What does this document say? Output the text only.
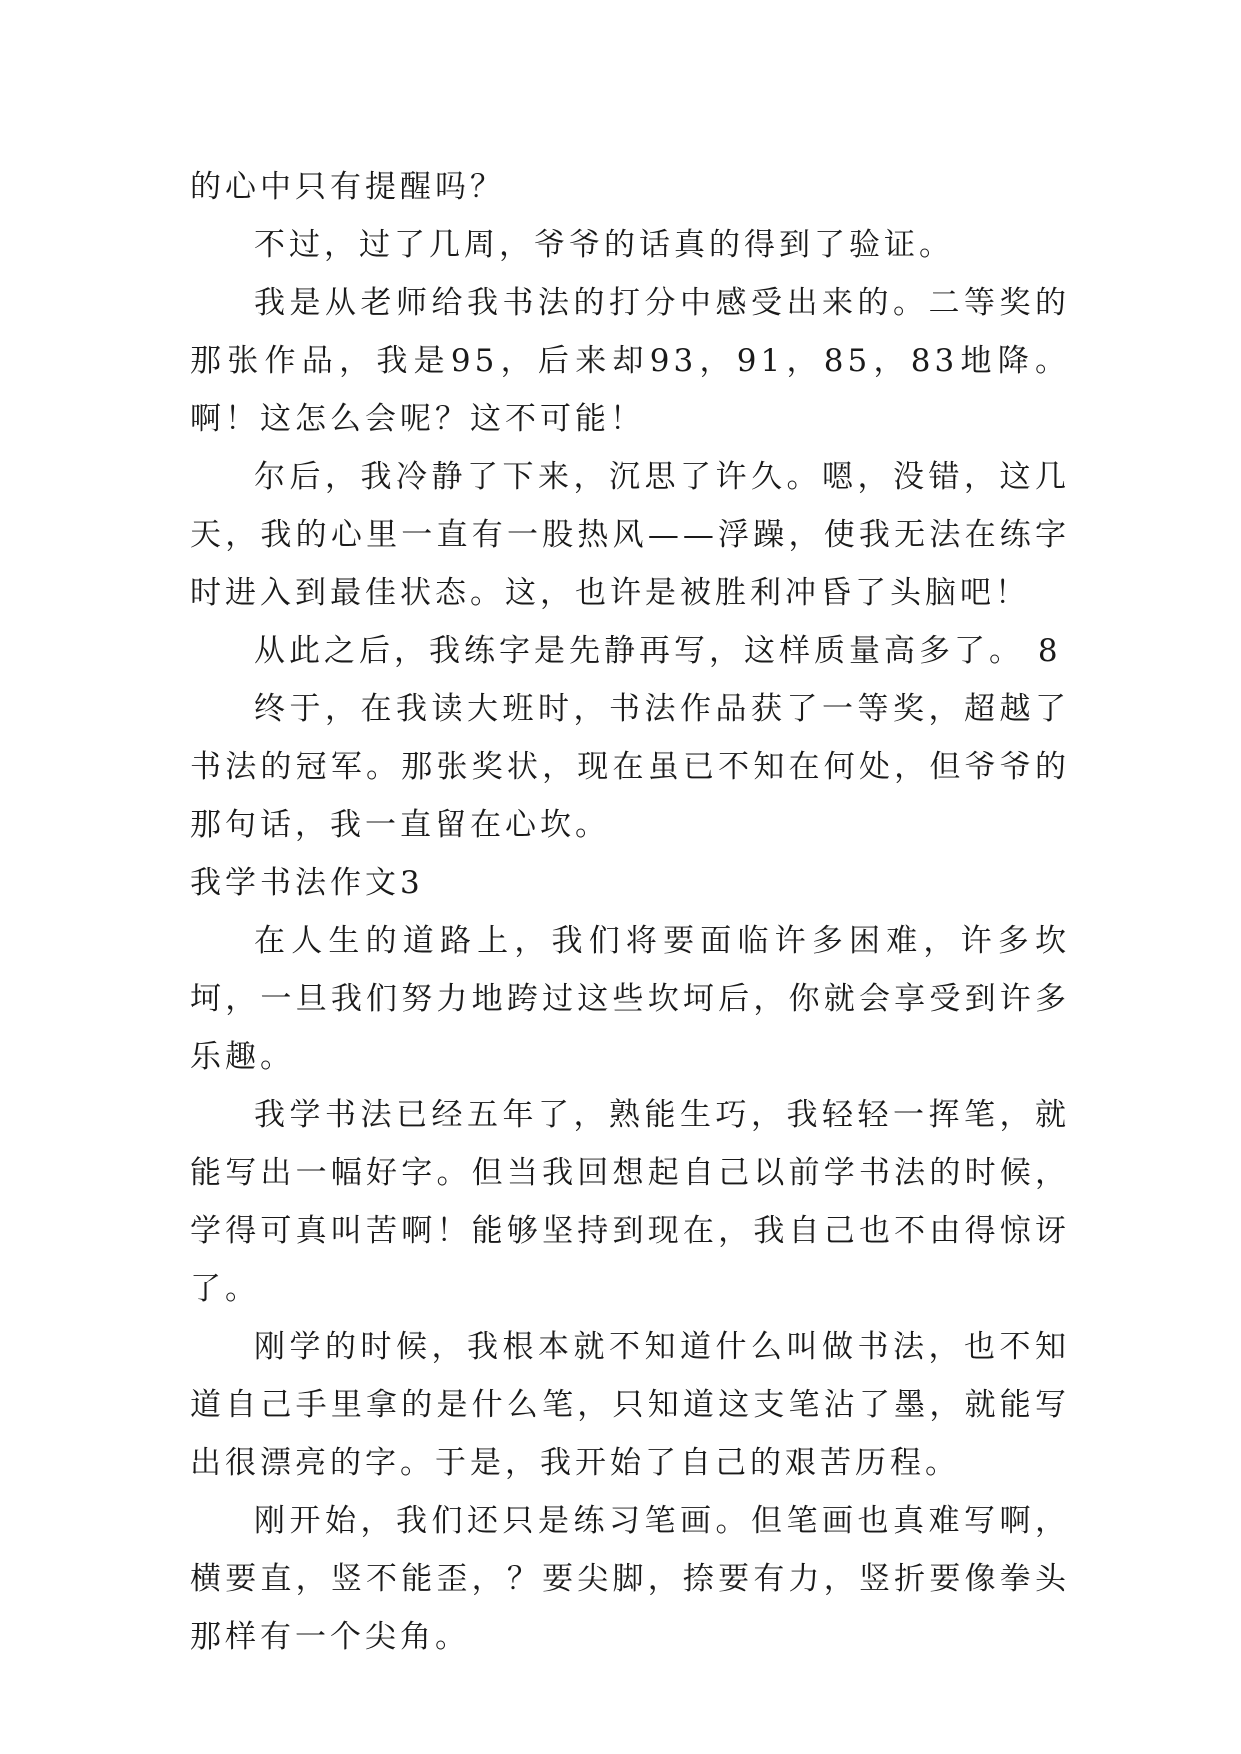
的心中只有提醒吗？

不过，过了几周，爷爷的话真的得到了验证。

我是从老师给我书法的打分中感受出来的。二等奖的那张作品，我是95，后来却93，91，85，83地降。啊！这怎么会呢？这不可能！

尔后，我冷静了下来，沉思了许久。嗯，没错，这几天，我的心里一直有一股热风——浮躁，使我无法在练字时进入到最佳状态。这，也许是被胜利冲昏了头脑吧！

从此之后，我练字是先静再写，这样质量高多了。 8

终于，在我读大班时，书法作品获了一等奖，超越了书法的冠军。那张奖状，现在虽已不知在何处，但爷爷的那句话，我一直留在心坎。

我学书法作文3

在人生的道路上，我们将要面临许多困难，许多坎坷，一旦我们努力地跨过这些坎坷后，你就会享受到许多乐趣。

我学书法已经五年了，熟能生巧，我轻轻一挥笔，就能写出一幅好字。但当我回想起自己以前学书法的时候，学得可真叫苦啊！能够坚持到现在，我自己也不由得惊讶了。

刚学的时候，我根本就不知道什么叫做书法，也不知道自己手里拿的是什么笔，只知道这支笔沾了墨，就能写出很漂亮的字。于是，我开始了自己的艰苦历程。

刚开始，我们还只是练习笔画。但笔画也真难写啊，横要直，竖不能歪，？要尖脚，捺要有力，竖折要像拳头那样有一个尖角。
